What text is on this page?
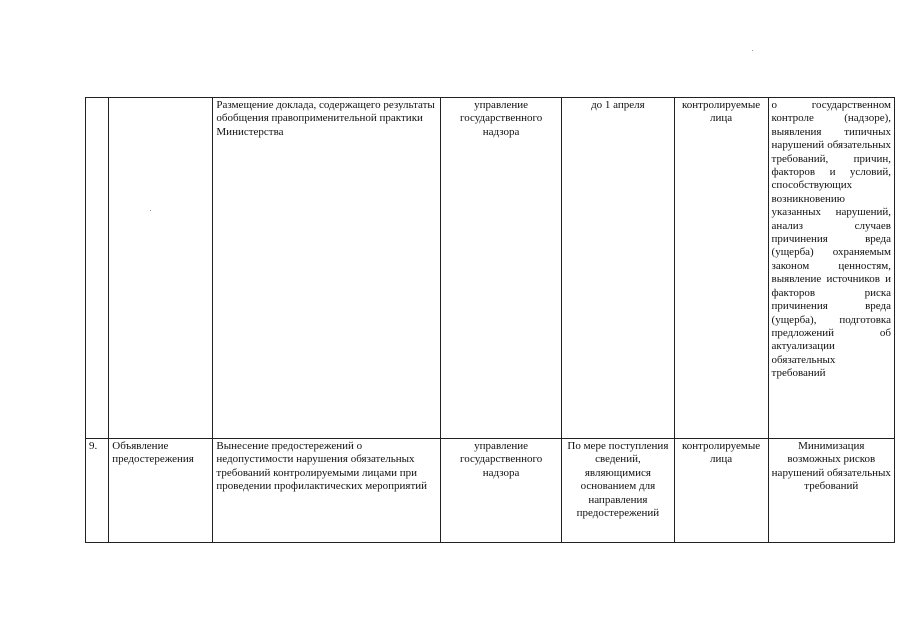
		Размещение доклада, содержащего результаты обобщения правоприменительной практики Министерства	управление государственного надзора	до 1 апреля	контролируемые лица	о государственном контроле (надзоре), выявления типичных нарушений обязательных требований, причин, факторов и условий, способствующих возникновению указанных нарушений, анализ случаев причинения вреда (ущерба) охраняемым законом ценностям, выявление источников и факторов риска причинения вреда (ущерба), подготовка предложений об актуализации обязательных требований
9.	Объявление предостережения	Вынесение предостережений о недопустимости нарушения обязательных требований контролируемыми лицами при проведении профилактических мероприятий	управление государственного надзора	По мере поступления сведений, являющимися основанием для направления предостережений	контролируемые лица	Минимизация возможных рисков нарушений обязательных требований
